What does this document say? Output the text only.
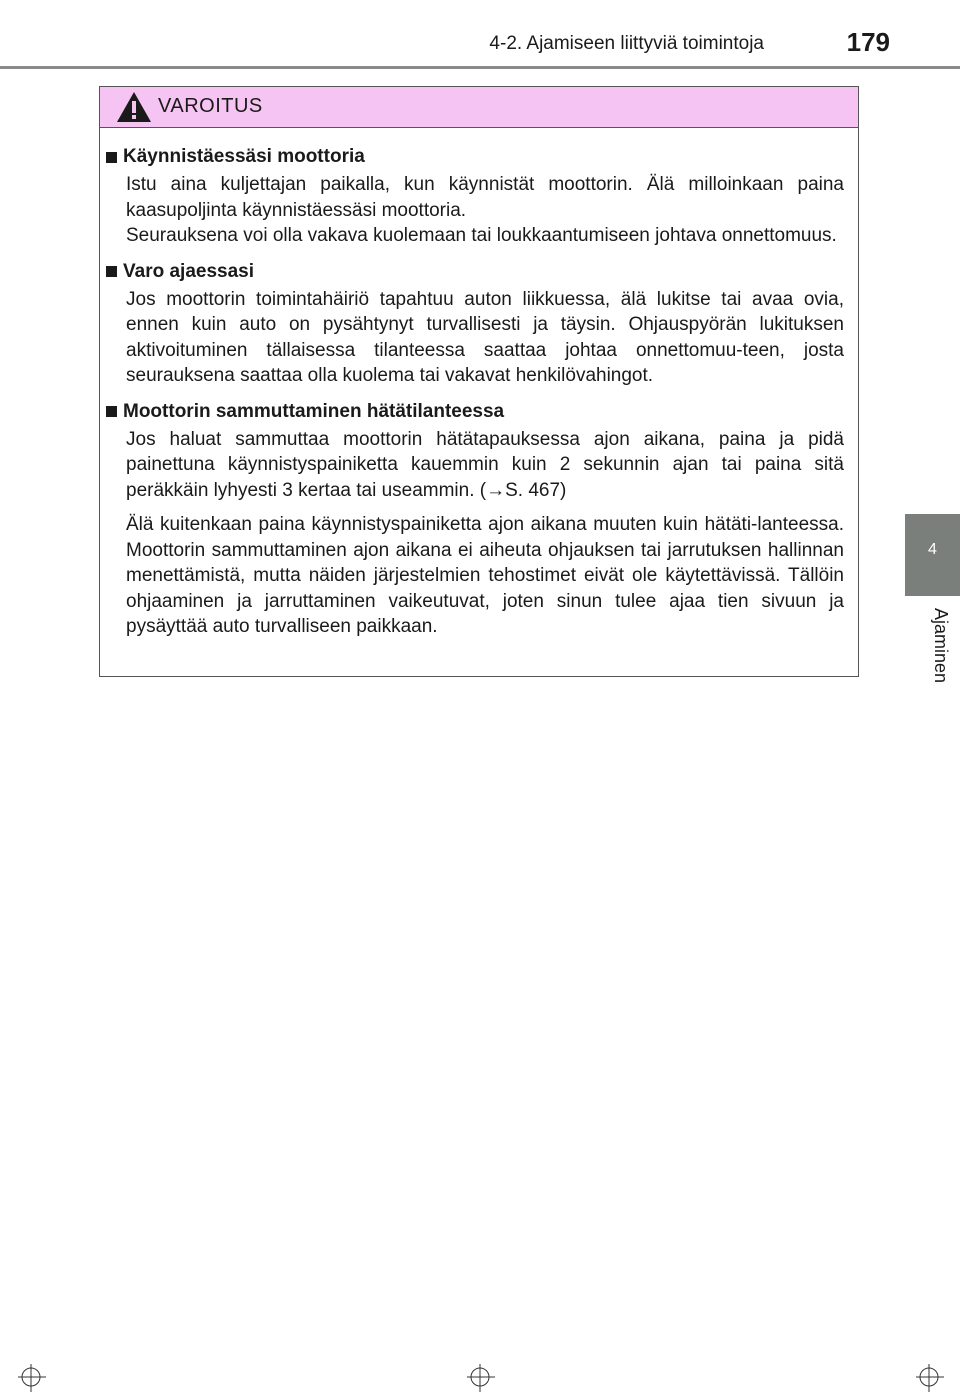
4-2. Ajamiseen liittyviä toimintoja	179
4
Ajaminen
VAROITUS
Käynnistäessäsi moottoria

Istu aina kuljettajan paikalla, kun käynnistät moottorin. Älä milloinkaan paina kaasupoljinta käynnistäessäsi moottoria.

Seurauksena voi olla vakava kuolemaan tai loukkaantumiseen johtava onnettomuus.

Varo ajaessasi

Jos moottorin toimintahäiriö tapahtuu auton liikkuessa, älä lukitse tai avaa ovia, ennen kuin auto on pysähtynyt turvallisesti ja täysin. Ohjauspyörän lukituksen aktivoituminen tällaisessa tilanteessa saattaa johtaa onnettomuu-teen, josta seurauksena saattaa olla kuolema tai vakavat henkilövahingot.

Moottorin sammuttaminen hätätilanteessa

Jos haluat sammuttaa moottorin hätätapauksessa ajon aikana, paina ja pidä painettuna käynnistyspainiketta kauemmin kuin 2 sekunnin ajan tai paina sitä peräkkäin lyhyesti 3 kertaa tai useammin. (→S. 467)

Älä kuitenkaan paina käynnistyspainiketta ajon aikana muuten kuin hätäti-lanteessa. Moottorin sammuttaminen ajon aikana ei aiheuta ohjauksen tai jarrutuksen hallinnan menettämistä, mutta näiden järjestelmien tehostimet eivät ole käytettävissä. Tällöin ohjaaminen ja jarruttaminen vaikeutuvat, joten sinun tulee ajaa tien sivuun ja pysäyttää auto turvalliseen paikkaan.
